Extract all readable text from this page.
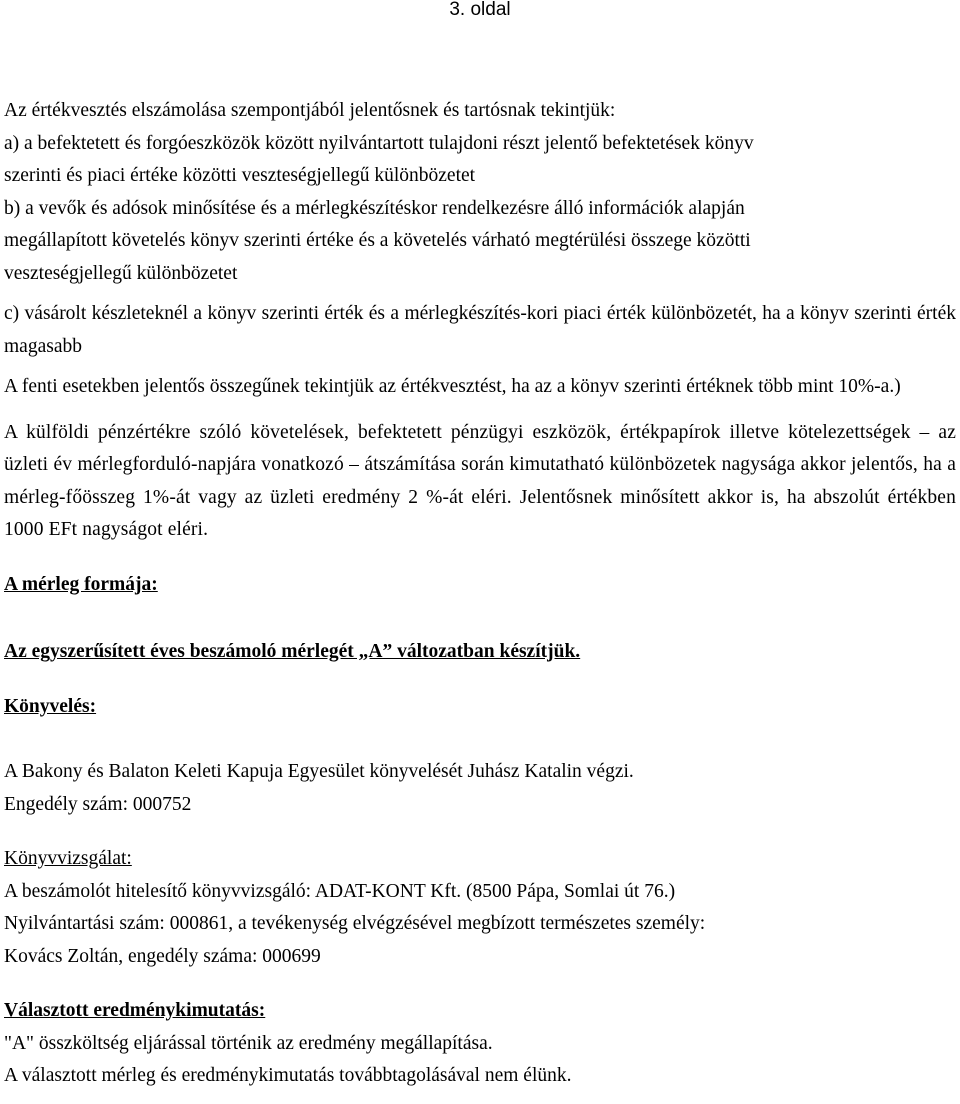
3. oldal

Az értékvesztés elszámolása szempontjából jelentősnek és tartósnak tekintjük:

a) a befektetett és forgóeszközök között nyilvántartott tulajdoni részt jelentő befektetések könyv

szerinti és piaci értéke közötti veszteségjellegű különbözetet

b) a vevők és adósok minősítése és a mérlegkészítéskor rendelkezésre álló információk alapján

megállapított követelés könyv szerinti értéke és a követelés várható megtérülési összege közötti

veszteségjellegű különbözetet

c) vásárolt készleteknél a könyv szerinti érték és a mérlegkészítés-kori piaci érték különbözetét, ha a könyv szerinti érték magasabb

A fenti esetekben jelentős összegűnek tekintjük az értékvesztést, ha az a könyv szerinti értéknek több mint 10%-a.)

A külföldi pénzértékre szóló követelések, befektetett pénzügyi eszközök, értékpapírok illetve kötelezettségek – az üzleti év mérlegforduló-napjára vonatkozó – átszámítása során kimutatható különbözetek nagysága akkor jelentős, ha a mérleg-főösszeg 1%-át vagy az üzleti eredmény 2 %-át eléri. Jelentősnek minősített akkor is, ha abszolút értékben 1000 EFt nagyságot eléri.

A mérleg formája:

Az egyszerűsített éves beszámoló mérlegét „A” változatban készítjük.

Könyvelés:

A Bakony és Balaton Keleti Kapuja Egyesület könyvelését Juhász Katalin végzi.

Engedély szám: 000752

Könyvvizsgálat:

A beszámolót hitelesítő könyvvizsgáló: ADAT-KONT Kft. (8500 Pápa, Somlai út 76.)

Nyilvántartási szám: 000861, a tevékenység elvégzésével megbízott természetes személy:

Kovács Zoltán, engedély száma: 000699

Választott eredménykimutatás:

"A" összköltség eljárással történik az eredmény megállapítása.

A választott mérleg és eredménykimutatás továbbtagolásával nem élünk.
